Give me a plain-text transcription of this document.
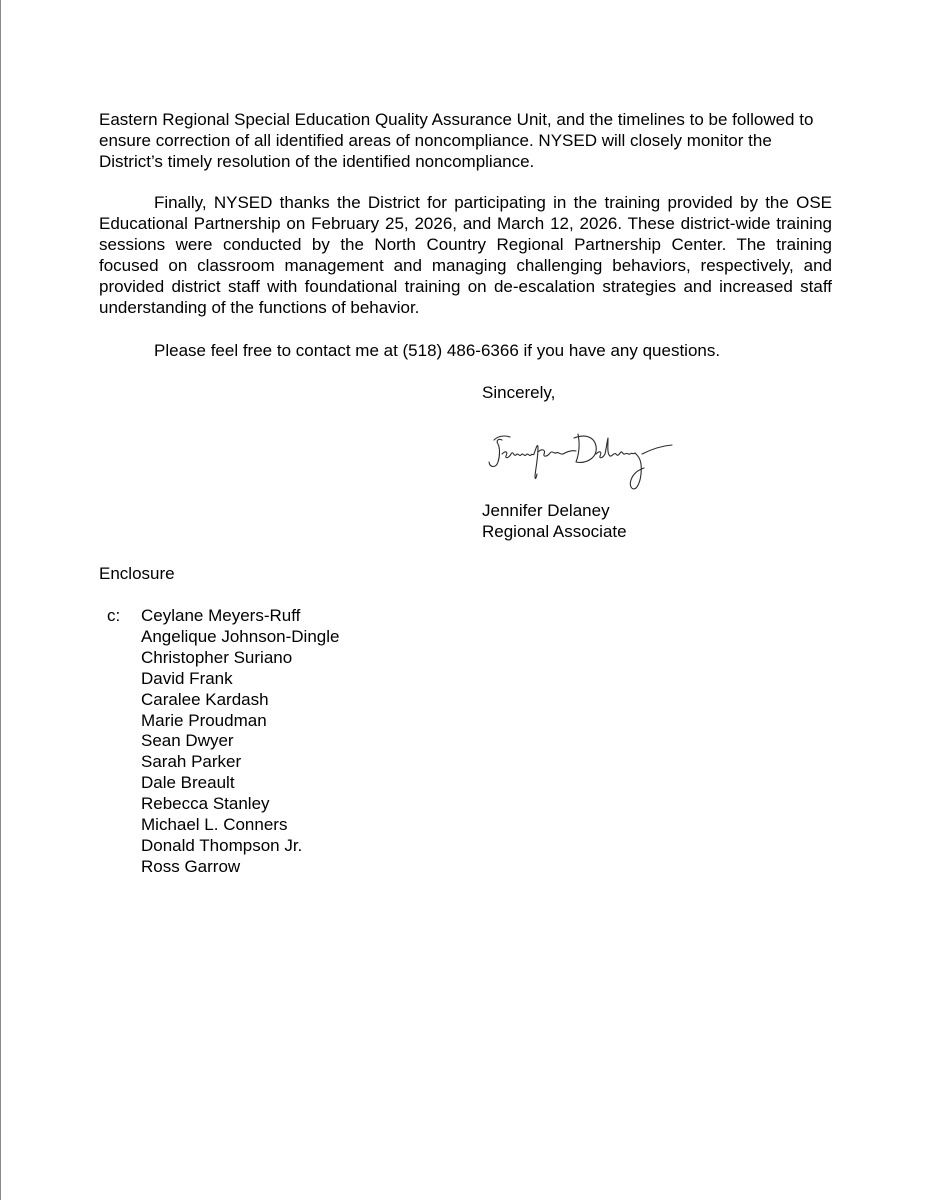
Eastern Regional Special Education Quality Assurance Unit, and the timelines to be followed to ensure correction of all identified areas of noncompliance. NYSED will closely monitor the District’s timely resolution of the identified noncompliance.

Finally, NYSED thanks the District for participating in the training provided by the OSE Educational Partnership on February 25, 2026, and March 12, 2026. These district-wide training sessions were conducted by the North Country Regional Partnership Center. The training focused on classroom management and managing challenging behaviors, respectively, and provided district staff with foundational training on de-escalation strategies and increased staff understanding of the functions of behavior.

Please feel free to contact me at (518) 486-6366 if you have any questions.

Sincerely,
Jennifer Delaney
Regional Associate
Enclosure
c: Ceylane Meyers-Ruff
Angelique Johnson-Dingle
Christopher Suriano
David Frank
Caralee Kardash
Marie Proudman
Sean Dwyer
Sarah Parker
Dale Breault
Rebecca Stanley
Michael L. Conners
Donald Thompson Jr.
Ross Garrow
